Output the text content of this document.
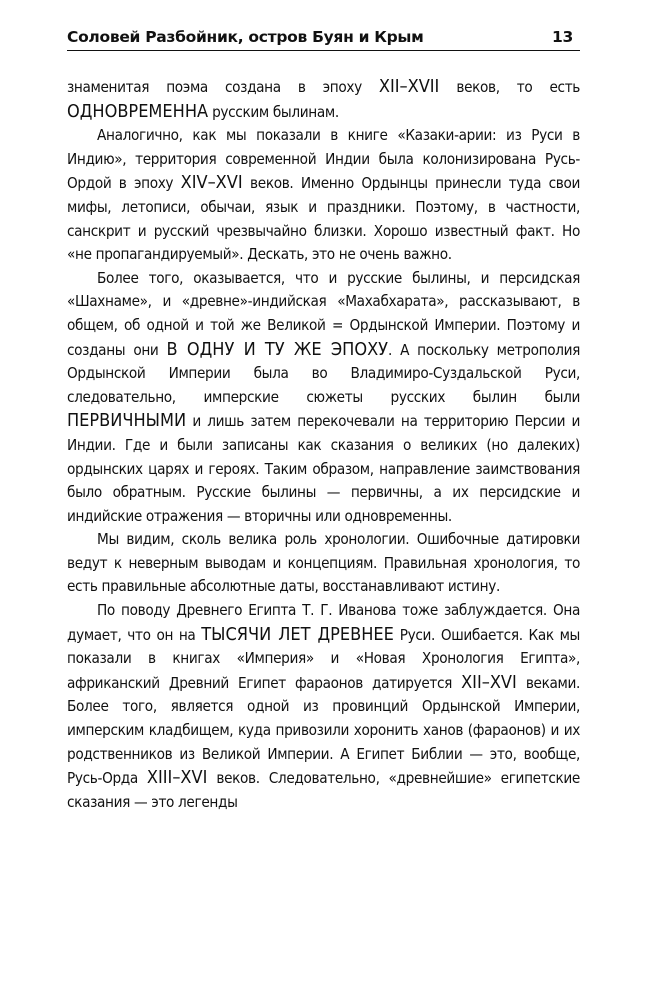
Соловей Разбойник, остров Буян и Крым	13

знаменитая поэма создана в эпоху XII–XVII веков, то есть ОДНОВРЕМЕННА русским былинам.

Аналогично, как мы показали в книге «Казаки-арии: из Руси в Индию», территория современной Индии была колонизирована Русь-Ордой в эпоху XIV–XVI веков. Именно Ордынцы принесли туда свои мифы, летописи, обычаи, язык и праздники. Поэтому, в частности, санскрит и русский чрезвычайно близки. Хорошо известный факт. Но «не пропагандируемый». Дескать, это не очень важно.

Более того, оказывается, что и русские былины, и персидская «Шахнаме», и «древне»-индийская «Махабхарата», рассказывают, в общем, об одной и той же Великой = Ордынской Империи. Поэтому и созданы они В ОДНУ И ТУ ЖЕ ЭПОХУ. А поскольку метрополия Ордынской Империи была во Владимиро-Суздальской Руси, следовательно, имперские сюжеты русских былин были ПЕРВИЧНЫМИ и лишь затем перекочевали на территорию Персии и Индии. Где и были записаны как сказания о великих (но далеких) ордынских царях и героях. Таким образом, направление заимствования было обратным. Русские былины — первичны, а их персидские и индийские отражения — вторичны или одновременны.

Мы видим, сколь велика роль хронологии. Ошибочные датировки ведут к неверным выводам и концепциям. Правильная хронология, то есть правильные абсолютные даты, восстанавливают истину.

По поводу Древнего Египта Т. Г. Иванова тоже заблуждается. Она думает, что он на ТЫСЯЧИ ЛЕТ ДРЕВНЕЕ Руси. Ошибается. Как мы показали в книгах «Империя» и «Новая Хронология Египта», африканский Древний Египет фараонов датируется XII–XVI веками. Более того, является одной из провинций Ордынской Империи, имперским кладбищем, куда привозили хоронить ханов (фараонов) и их родственников из Великой Империи. А Египет Библии — это, вообще, Русь-Орда XIII–XVI веков. Следовательно, «древнейшие» египетские сказания — это легенды
